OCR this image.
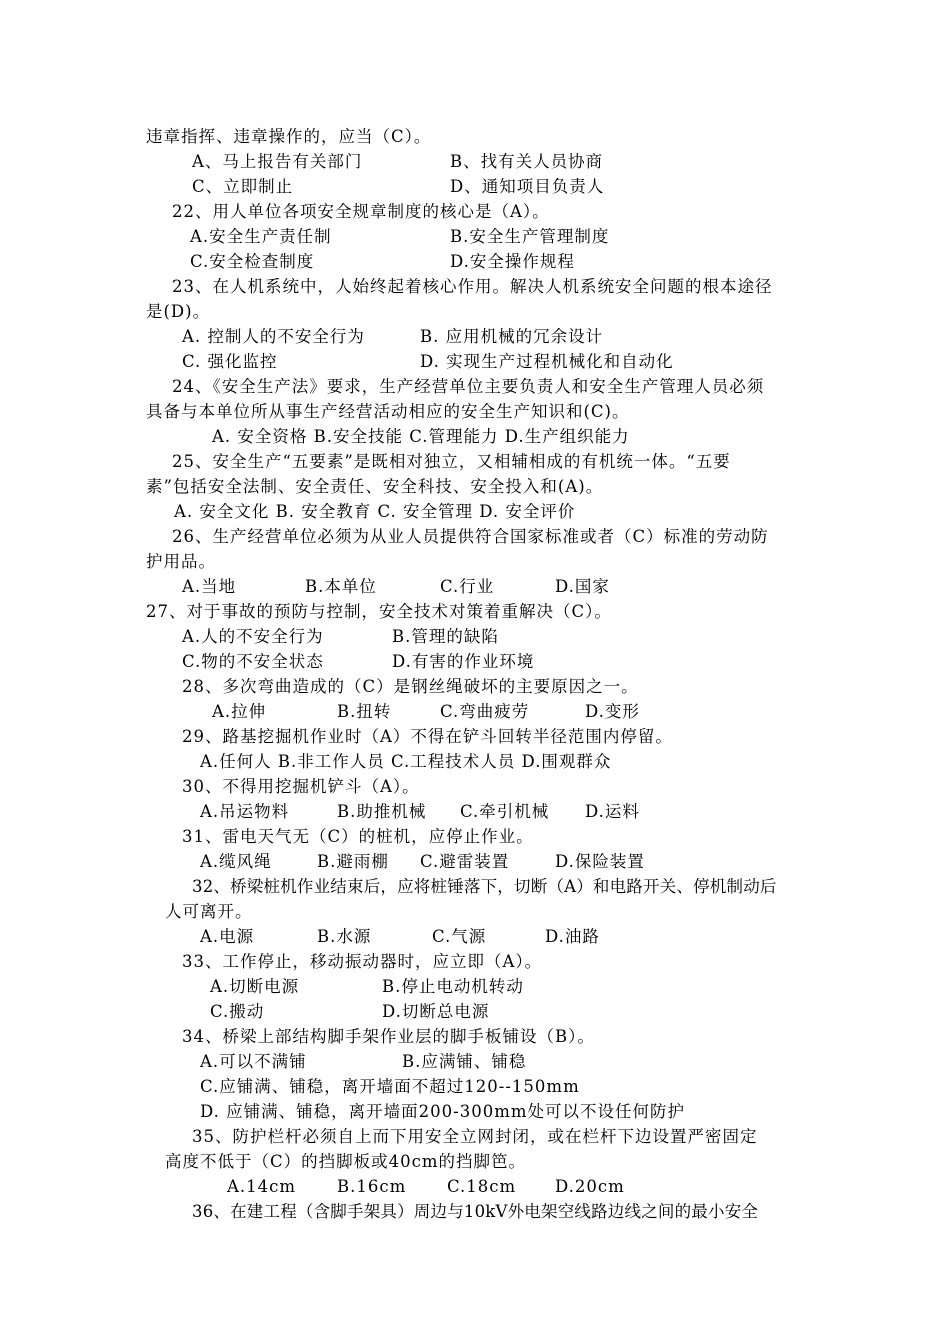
违章指挥、违章操作的，应当（C）。
A、马上报告有关部门	B、找有关人员协商
C、立即制止	D、通知项目负责人
22、用人单位各项安全规章制度的核心是（A）。
A.安全生产责任制	B.安全生产管理制度
C.安全检查制度	D.安全操作规程
23、在人机系统中，人始终起着核心作用。解决人机系统安全问题的根本途径
是(D)。
A. 控制人的不安全行为	B. 应用机械的冗余设计
C. 强化监控	D. 实现生产过程机械化和自动化
24、《安全生产法》要求，生产经营单位主要负责人和安全生产管理人员必须
具备与本单位所从事生产经营活动相应的安全生产知识和(C)。
A. 安全资格 B.安全技能 C.管理能力 D.生产组织能力
25、安全生产“五要素”是既相对独立，又相辅相成的有机统一体。“五要
素”包括安全法制、安全责任、安全科技、安全投入和(A)。
A. 安全文化 B. 安全教育 C. 安全管理 D. 安全评价
26、生产经营单位必须为从业人员提供符合国家标准或者（C）标准的劳动防
护用品。
A.当地	B.本单位	C.行业	D.国家
27、对于事故的预防与控制，安全技术对策着重解决（C）。
A.人的不安全行为	B.管理的缺陷
C.物的不安全状态	D.有害的作业环境
28、多次弯曲造成的（C）是钢丝绳破坏的主要原因之一。
A.拉伸	B.扭转	C.弯曲疲劳	D.变形
29、路基挖掘机作业时（A）不得在铲斗回转半径范围内停留。
A.任何人 B.非工作人员 C.工程技术人员 D.围观群众
30、不得用挖掘机铲斗（A）。
A.吊运物料	B.助推机械 C.牵引机械 D.运料
31、雷电天气无（C）的桩机，应停止作业。
A.缆风绳	B.避雨棚 C.避雷装置	D.保险装置
32、桥梁桩机作业结束后，应将桩锤落下，切断（A）和电路开关、停机制动后
人可离开。
A.电源	B.水源	C.气源	D.油路
33、工作停止，移动振动器时，应立即（A）。
A.切断电源	B.停止电动机转动
C.搬动	D.切断总电源
34、桥梁上部结构脚手架作业层的脚手板铺设（B）。
A.可以不满铺	B.应满铺、铺稳
C.应铺满、铺稳，离开墙面不超过120--150mm
D. 应铺满、铺稳，离开墙面200-300mm处可以不设任何防护
35、防护栏杆必须自上而下用安全立网封闭，或在栏杆下边设置严密固定
高度不低于（C）的挡脚板或40cm的挡脚笆。
A.14cm B.16cm C.18cm D.20cm
36、在建工程（含脚手架具）周边与10kV外电架空线路边线之间的最小安全
